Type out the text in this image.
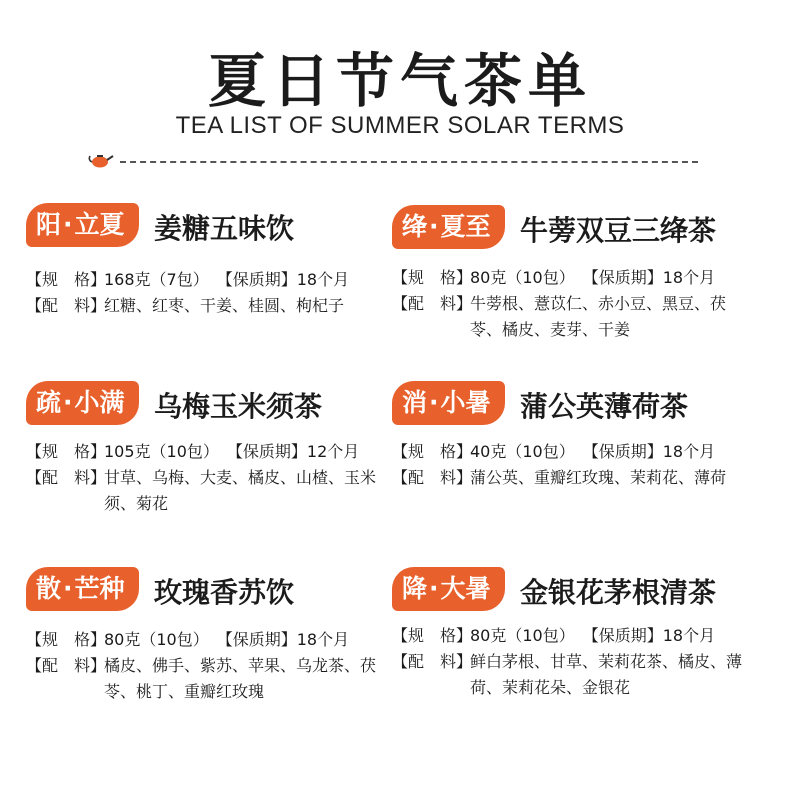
夏日节气茶单
TEA LIST OF SUMMER SOLAR TERMS
阳·立夏	姜糖五味饮
【规　格】168克（7包） 【保质期】18个月
【配　料】
红糖、红枣、干姜、桂圆、枸杞子
绛·夏至	牛蒡双豆三绛茶
【规　格】80克（10包） 【保质期】18个月
【配　料】
牛蒡根、薏苡仁、赤小豆、黑豆、茯苓、橘皮、麦芽、干姜
疏·小满	乌梅玉米须茶
【规　格】105克（10包） 【保质期】12个月
【配　料】
甘草、乌梅、大麦、橘皮、山楂、玉米须、菊花
消·小暑	蒲公英薄荷茶
【规　格】40克（10包） 【保质期】18个月
【配　料】
蒲公英、重瓣红玫瑰、茉莉花、薄荷
散·芒种	玫瑰香苏饮
【规　格】80克（10包） 【保质期】18个月
【配　料】
橘皮、佛手、紫苏、苹果、乌龙茶、茯苓、桃丁、重瓣红玫瑰
降·大暑	金银花茅根清茶
【规　格】80克（10包） 【保质期】18个月
【配　料】
鲜白茅根、甘草、茉莉花茶、橘皮、薄荷、茉莉花朵、金银花
